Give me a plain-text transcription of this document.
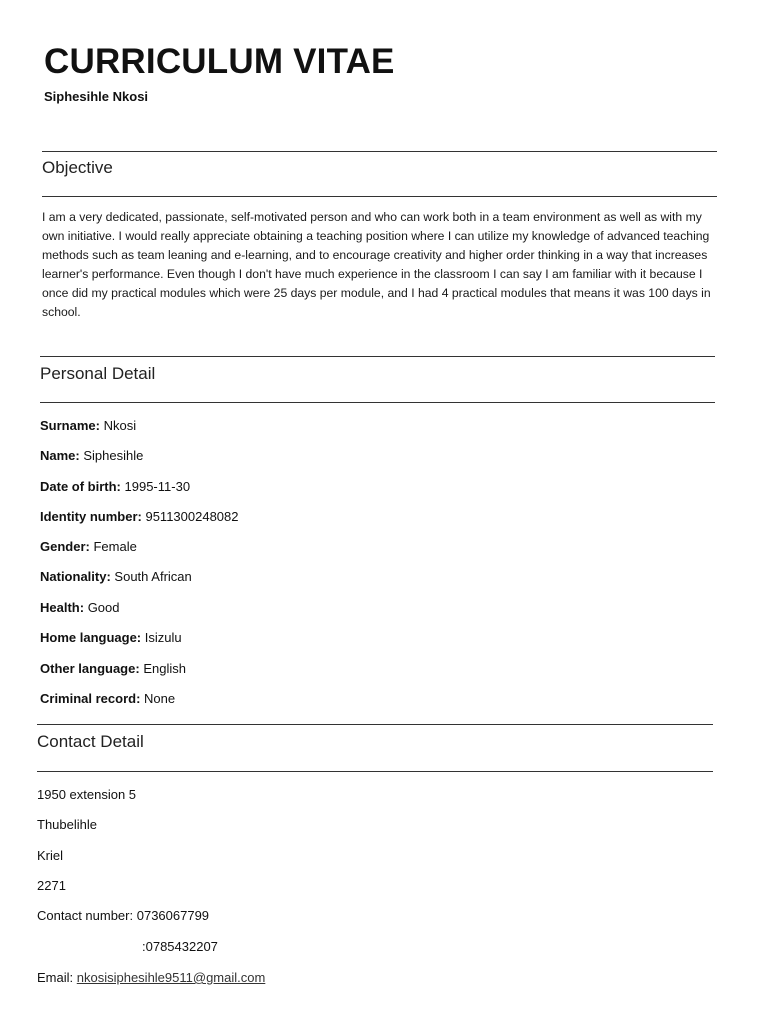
CURRICULUM VITAE
Siphesihle Nkosi
Objective

I am a very dedicated, passionate, self-motivated person and who can work both in a team environment as well as with my own initiative. I would really appreciate obtaining a teaching position where I can utilize my knowledge of advanced teaching methods such as team leaning and e-learning, and to encourage creativity and higher order thinking in a way that increases learner's performance. Even though I don't have much experience in the classroom I can say I am familiar with it because I once did my practical modules which were 25 days per module, and I had 4 practical modules that means it was 100 days in school.

Personal Detail
Surname: Nkosi
Name: Siphesihle
Date of birth: 1995-11-30
Identity number: 9511300248082
Gender: Female
Nationality: South African
Health: Good
Home language: Isizulu
Other language: English
Criminal record: None
Contact Detail
1950 extension 5
Thubelihle
Kriel
2271
Contact number: 0736067799
:0785432207
Email: nkosisiphesihle9511@gmail.com
